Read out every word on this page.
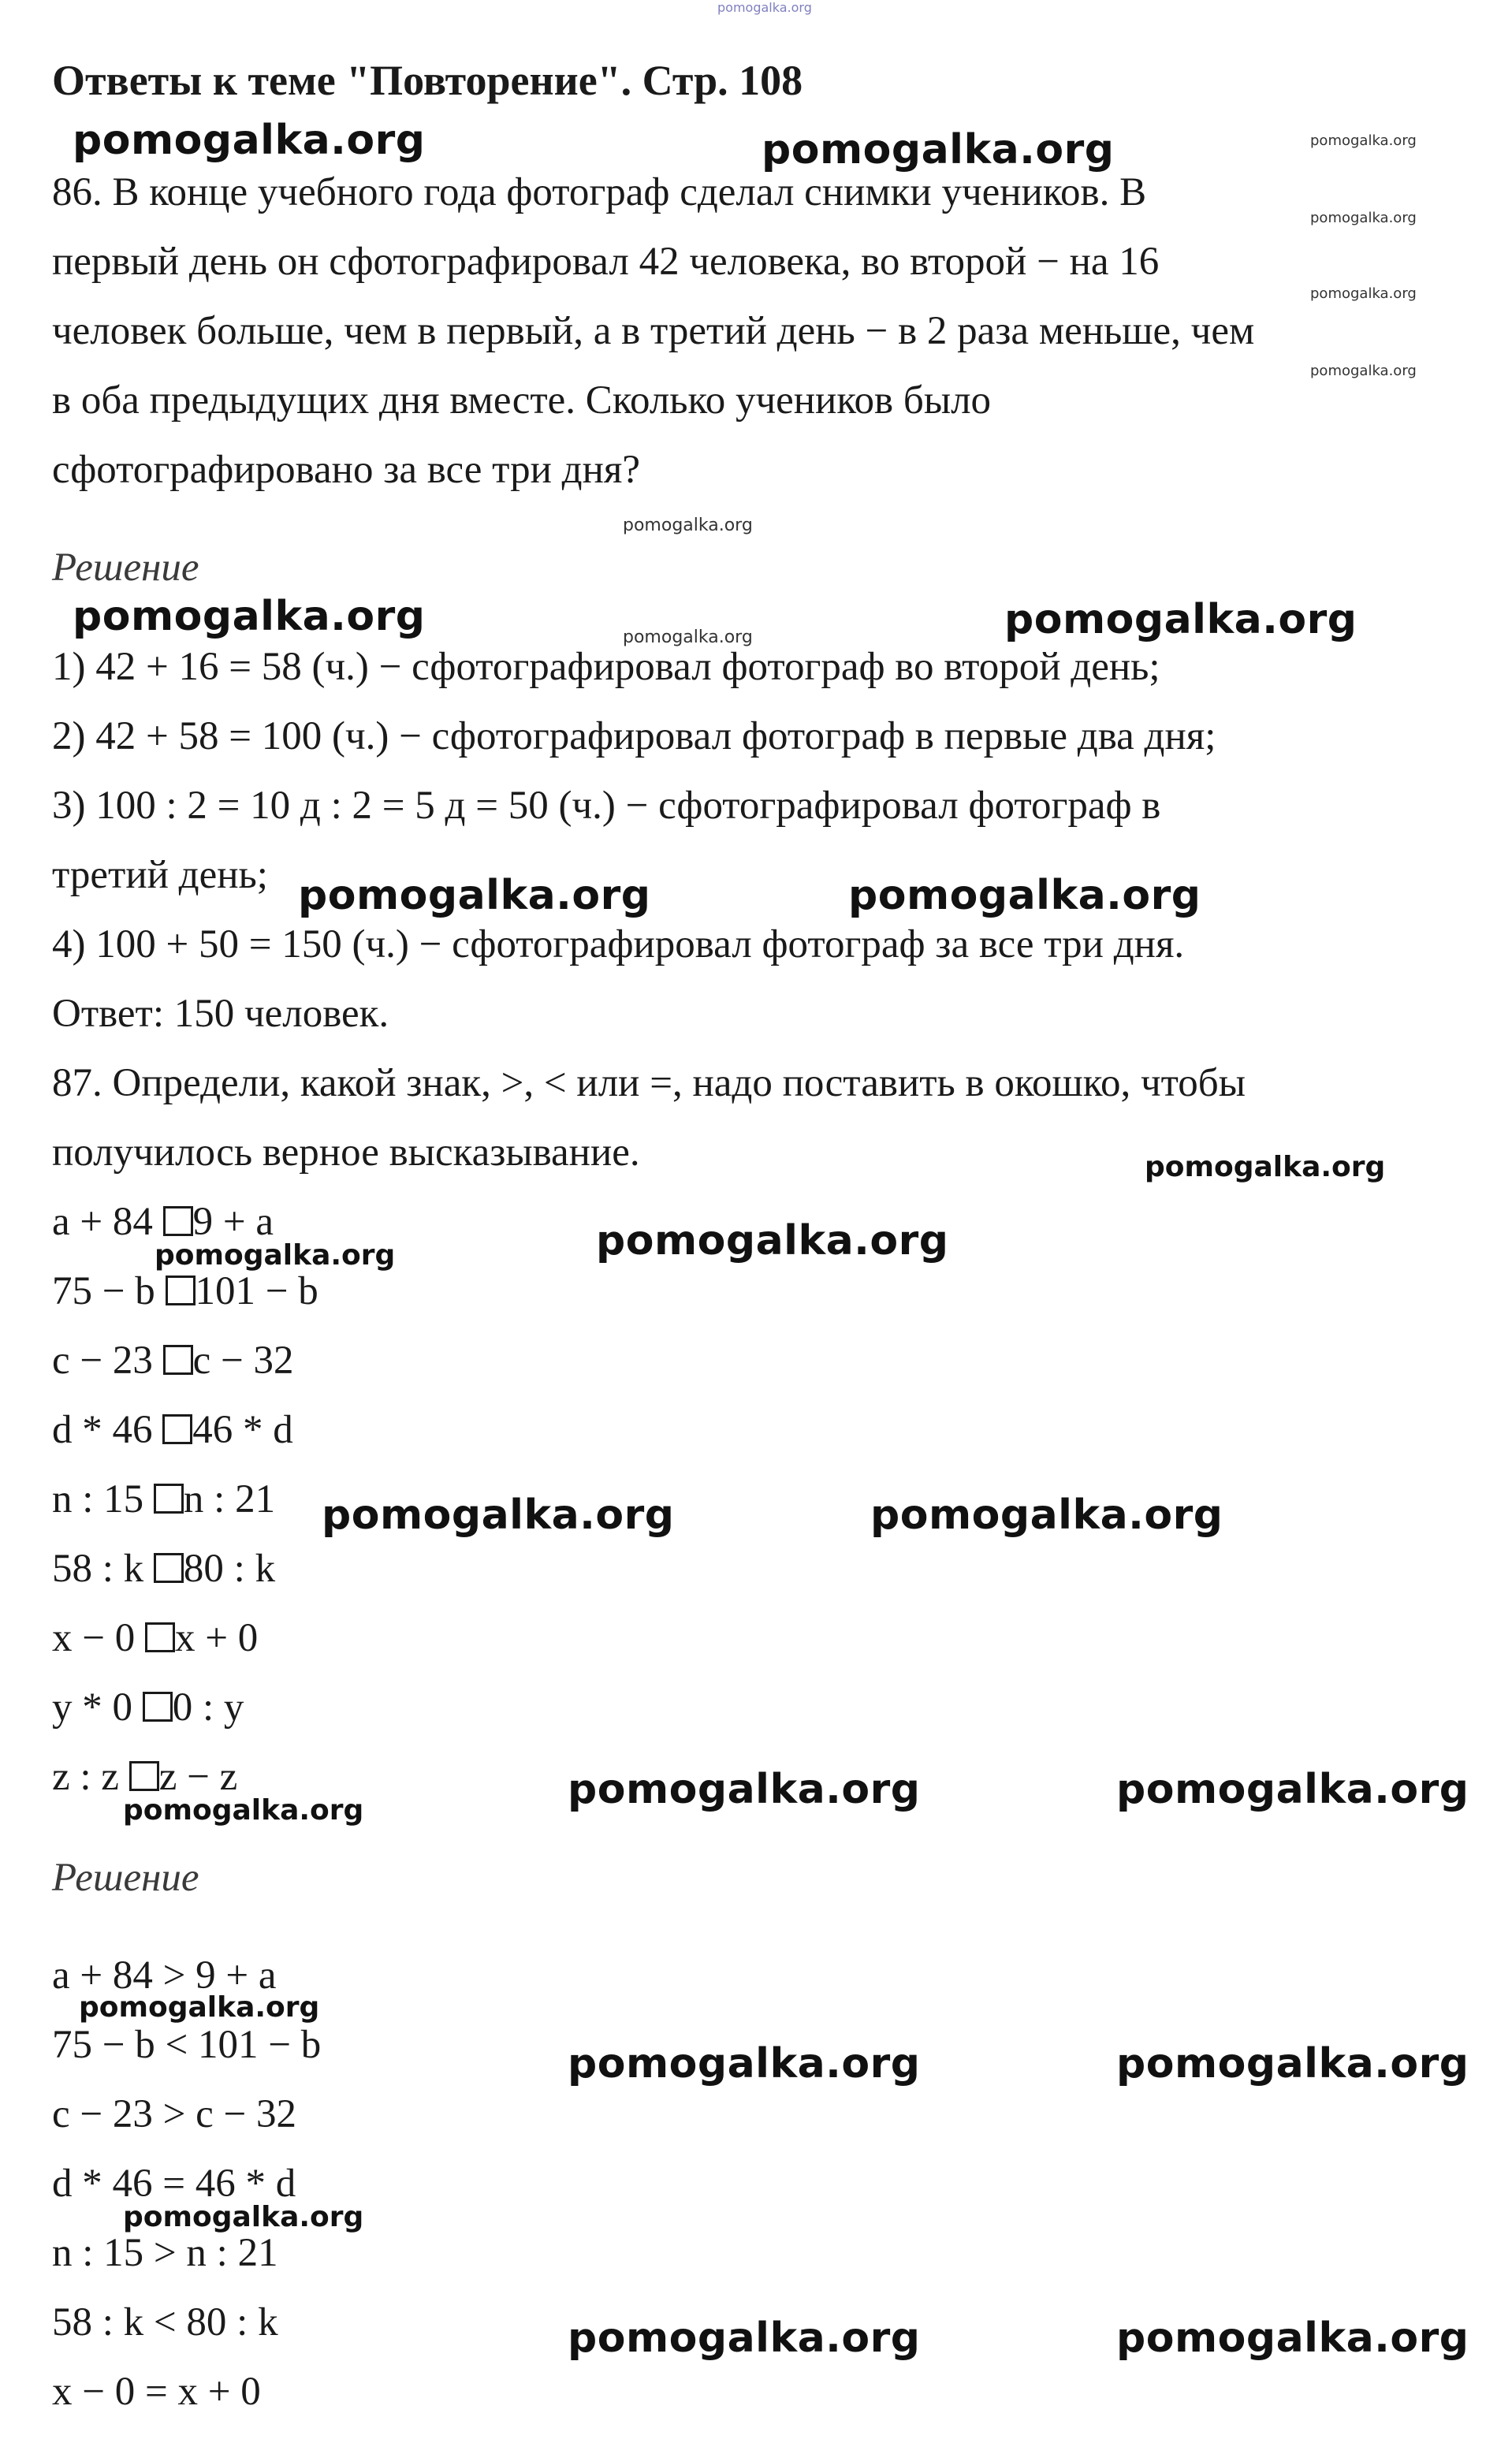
pomogalka.org
Ответы к теме "Повторение". Стр. 108
86. В конце учебного года фотограф сделал снимки учеников. В
первый день он сфотографировал 42 человека, во второй − на 16
человек больше, чем в первый, а в третий день − в 2 раза меньше, чем
в оба предыдущих дня вместе. Сколько учеников было
сфотографировано за все три дня?
Решение
1) 42 + 16 = 58 (ч.) − сфотографировал фотограф во второй день;
2) 42 + 58 = 100 (ч.) − сфотографировал фотограф в первые два дня;
3) 100 : 2 = 10 д : 2 = 5 д = 50 (ч.) − сфотографировал фотограф в
третий день;
4) 100 + 50 = 150 (ч.) − сфотографировал фотограф за все три дня.
Ответ: 150 человек.
87. Определи, какой знак, >, < или =, надо поставить в окошко, чтобы
получилось верное высказывание.
a + 84 9 + a
75 − b 101 − b
c − 23 c − 32
d * 46 46 * d
n : 15 n : 21
58 : k 80 : k
x − 0 x + 0
y * 0 0 : y
z : z z − z
Решение
a + 84 > 9 + a
75 − b < 101 − b
c − 23 > c − 32
d * 46 = 46 * d
n : 15 > n : 21
58 : k < 80 : k
x − 0 = x + 0
pomogalka.org	pomogalka.org
pomogalka.org	pomogalka.org
pomogalka.org	pomogalka.org
pomogalka.org
pomogalka.org	pomogalka.org
pomogalka.org	pomogalka.org
pomogalka.org	pomogalka.org
pomogalka.org	pomogalka.org
pomogalka.org
pomogalka.org
pomogalka.org
pomogalka.org
pomogalka.org
pomogalka.org
pomogalka.org
pomogalka.org
pomogalka.org
pomogalka.org
pomogalka.org
